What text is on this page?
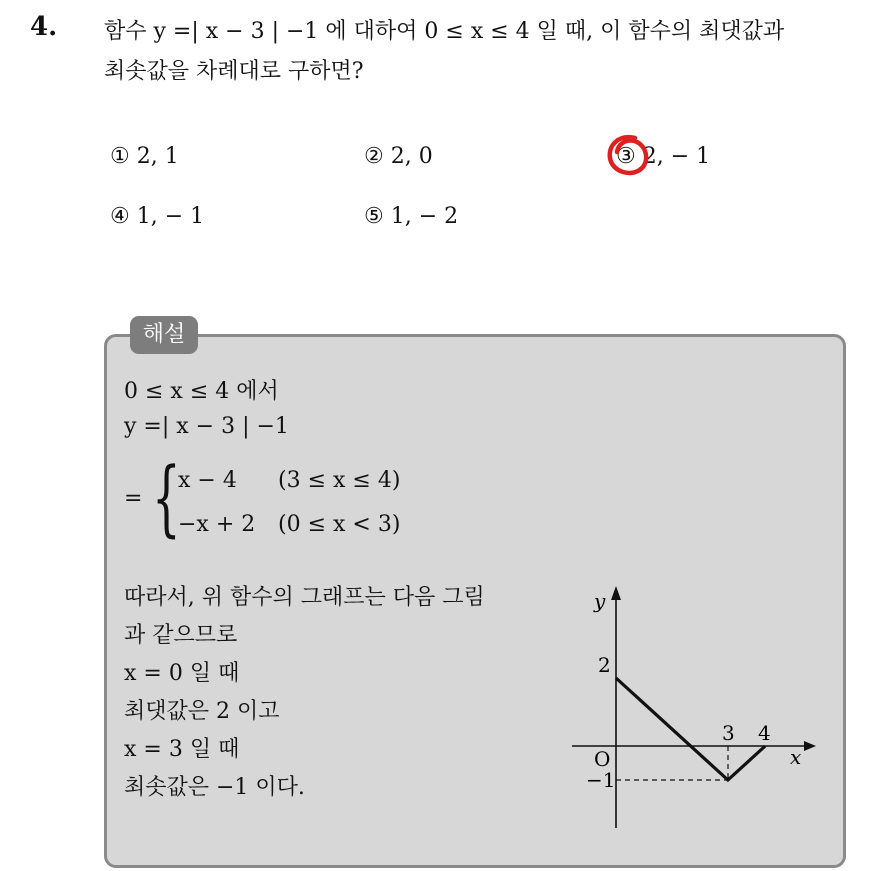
4. 함수 y =| x − 3 | −1 에 대하여 0 ≤ x ≤ 4 일 때, 이 함수의 최댓값과
최솟값을 차례대로 구하면?
① 2, 1	② 2, 0	③ 2, − 1
④ 1, − 1	⑤ 1, − 2
해설
0 ≤ x ≤ 4 에서
y =| x − 3 | −1
= {
x − 4 (3 ≤ x ≤ 4)
−x + 2 (0 ≤ x < 3)
따라서, 위 함수의 그래프는 다음 그림
과 같으므로
x = 0 일 때
최댓값은 2 이고
x = 3 일 때
최솟값은 −1 이다.
y
x
O
2
−1
3 4
